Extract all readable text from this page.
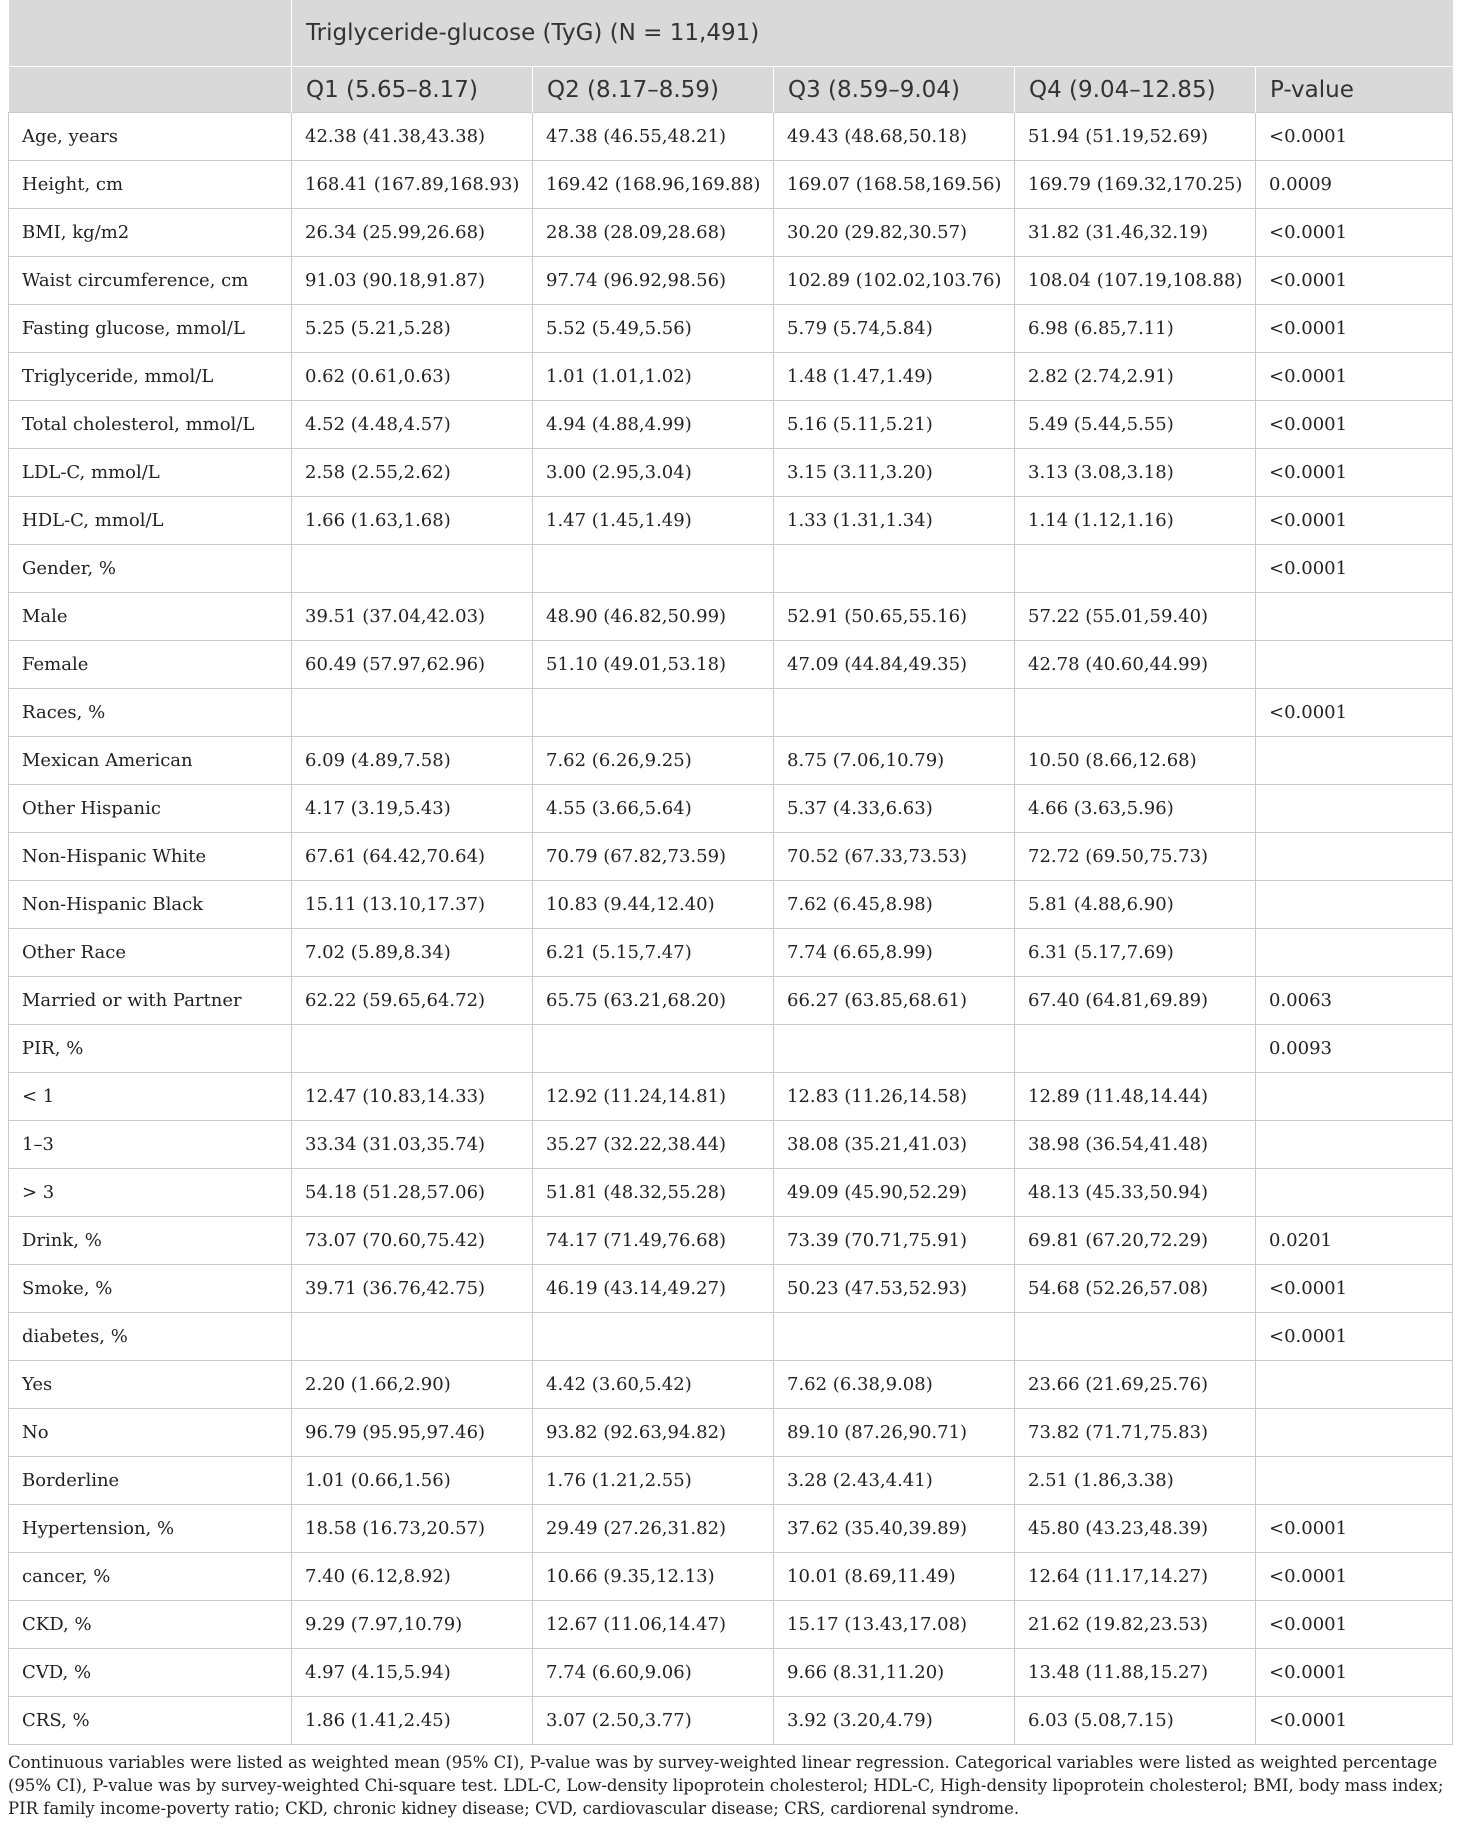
	Triglyceride-glucose (TyG) (N = 11,491)				
	Q1 (5.65–8.17)	Q2 (8.17–8.59)	Q3 (8.59–9.04)	Q4 (9.04–12.85)	P-value
Age, years	42.38 (41.38,43.38)	47.38 (46.55,48.21)	49.43 (48.68,50.18)	51.94 (51.19,52.69)	<0.0001
Height, cm	168.41 (167.89,168.93)	169.42 (168.96,169.88)	169.07 (168.58,169.56)	169.79 (169.32,170.25)	0.0009
BMI, kg/m2	26.34 (25.99,26.68)	28.38 (28.09,28.68)	30.20 (29.82,30.57)	31.82 (31.46,32.19)	<0.0001
Waist circumference, cm	91.03 (90.18,91.87)	97.74 (96.92,98.56)	102.89 (102.02,103.76)	108.04 (107.19,108.88)	<0.0001
Fasting glucose, mmol/L	5.25 (5.21,5.28)	5.52 (5.49,5.56)	5.79 (5.74,5.84)	6.98 (6.85,7.11)	<0.0001
Triglyceride, mmol/L	0.62 (0.61,0.63)	1.01 (1.01,1.02)	1.48 (1.47,1.49)	2.82 (2.74,2.91)	<0.0001
Total cholesterol, mmol/L	4.52 (4.48,4.57)	4.94 (4.88,4.99)	5.16 (5.11,5.21)	5.49 (5.44,5.55)	<0.0001
LDL-C, mmol/L	2.58 (2.55,2.62)	3.00 (2.95,3.04)	3.15 (3.11,3.20)	3.13 (3.08,3.18)	<0.0001
HDL-C, mmol/L	1.66 (1.63,1.68)	1.47 (1.45,1.49)	1.33 (1.31,1.34)	1.14 (1.12,1.16)	<0.0001
Gender, %					<0.0001
Male	39.51 (37.04,42.03)	48.90 (46.82,50.99)	52.91 (50.65,55.16)	57.22 (55.01,59.40)	
Female	60.49 (57.97,62.96)	51.10 (49.01,53.18)	47.09 (44.84,49.35)	42.78 (40.60,44.99)	
Races, %					<0.0001
Mexican American	6.09 (4.89,7.58)	7.62 (6.26,9.25)	8.75 (7.06,10.79)	10.50 (8.66,12.68)	
Other Hispanic	4.17 (3.19,5.43)	4.55 (3.66,5.64)	5.37 (4.33,6.63)	4.66 (3.63,5.96)	
Non-Hispanic White	67.61 (64.42,70.64)	70.79 (67.82,73.59)	70.52 (67.33,73.53)	72.72 (69.50,75.73)	
Non-Hispanic Black	15.11 (13.10,17.37)	10.83 (9.44,12.40)	7.62 (6.45,8.98)	5.81 (4.88,6.90)	
Other Race	7.02 (5.89,8.34)	6.21 (5.15,7.47)	7.74 (6.65,8.99)	6.31 (5.17,7.69)	
Married or with Partner	62.22 (59.65,64.72)	65.75 (63.21,68.20)	66.27 (63.85,68.61)	67.40 (64.81,69.89)	0.0063
PIR, %					0.0093
< 1	12.47 (10.83,14.33)	12.92 (11.24,14.81)	12.83 (11.26,14.58)	12.89 (11.48,14.44)	
1–3	33.34 (31.03,35.74)	35.27 (32.22,38.44)	38.08 (35.21,41.03)	38.98 (36.54,41.48)	
> 3	54.18 (51.28,57.06)	51.81 (48.32,55.28)	49.09 (45.90,52.29)	48.13 (45.33,50.94)	
Drink, %	73.07 (70.60,75.42)	74.17 (71.49,76.68)	73.39 (70.71,75.91)	69.81 (67.20,72.29)	0.0201
Smoke, %	39.71 (36.76,42.75)	46.19 (43.14,49.27)	50.23 (47.53,52.93)	54.68 (52.26,57.08)	<0.0001
diabetes, %					<0.0001
Yes	2.20 (1.66,2.90)	4.42 (3.60,5.42)	7.62 (6.38,9.08)	23.66 (21.69,25.76)	
No	96.79 (95.95,97.46)	93.82 (92.63,94.82)	89.10 (87.26,90.71)	73.82 (71.71,75.83)	
Borderline	1.01 (0.66,1.56)	1.76 (1.21,2.55)	3.28 (2.43,4.41)	2.51 (1.86,3.38)	
Hypertension, %	18.58 (16.73,20.57)	29.49 (27.26,31.82)	37.62 (35.40,39.89)	45.80 (43.23,48.39)	<0.0001
cancer, %	7.40 (6.12,8.92)	10.66 (9.35,12.13)	10.01 (8.69,11.49)	12.64 (11.17,14.27)	<0.0001
CKD, %	9.29 (7.97,10.79)	12.67 (11.06,14.47)	15.17 (13.43,17.08)	21.62 (19.82,23.53)	<0.0001
CVD, %	4.97 (4.15,5.94)	7.74 (6.60,9.06)	9.66 (8.31,11.20)	13.48 (11.88,15.27)	<0.0001
CRS, %	1.86 (1.41,2.45)	3.07 (2.50,3.77)	3.92 (3.20,4.79)	6.03 (5.08,7.15)	<0.0001
Continuous variables were listed as weighted mean (95% CI), P-value was by survey-weighted linear regression. Categorical variables were listed as weighted percentage (95% CI), P-value was by survey-weighted Chi-square test. LDL-C, Low-density lipoprotein cholesterol; HDL-C, High-density lipoprotein cholesterol; BMI, body mass index; PIR family income-poverty ratio; CKD, chronic kidney disease; CVD, cardiovascular disease; CRS, cardiorenal syndrome.
